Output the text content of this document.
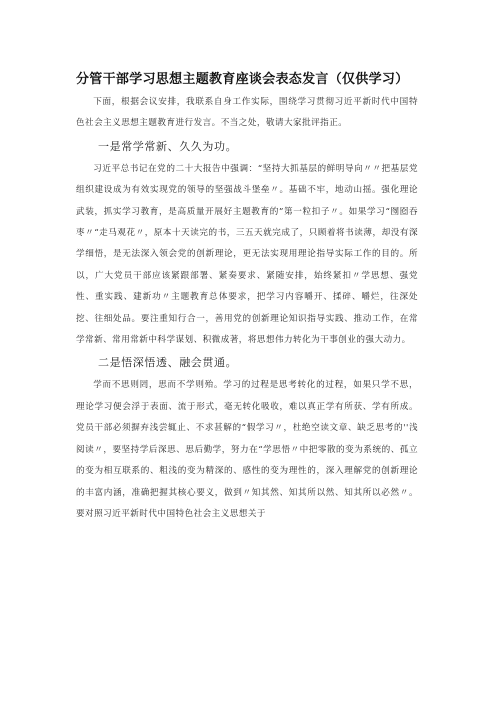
分管干部学习思想主题教育座谈会表态发言（仅供学习）

下面，根据会议安排，我联系自身工作实际，围绕学习贯彻习近平新时代中国特色社会主义思想主题教育进行发言。不当之处，敬请大家批评指正。

一是常学常新、久久为功。

习近平总书记在党的二十大报告中强调：“坚持大抓基层的鲜明导向〃〃把基层党组织建设成为有效实现党的领导的坚强战斗堡垒〃。基础不牢，地动山摇。强化理论武装，抓实学习教育，是高质量开展好主题教育的”第一粒扣子〃。如果学习“囫囵吞枣〃“走马观花〃，原本十天读完的书，三五天就完成了，只顾着将书读薄，却没有深学细悟，是无法深入领会党的创新理论，更无法实现用理论指导实际工作的目的。所以，广大党员干部应该紧跟部署、紧奏要求、紧随安排，始终紧扣〃学思想、强党性、重实践、建新功〃主题教育总体要求，把学习内容嚼开、揉碎、嚼烂，往深处挖、往细处品。要注重知行合一，善用党的创新理论知识指导实践、推动工作，在常学常新、常用常新中科学谋划、积微成著，将思想伟力转化为干事创业的强大动力。

二是悟深悟透、融会贯通。

学而不思则罔，思而不学则殆。学习的过程是思考转化的过程，如果只学不思，理论学习便会浮于表面、流于形式，毫无转化吸收，难以真正学有所获、学有所成。党员干部必须摒弃浅尝辄止、不求甚解的“假学习〃，杜绝空读文章、缺乏思考的''浅阅读〃，要坚持学后深思、思后勤学，努力在“学思悟〃中把零散的变为系统的、孤立的变为相互联系的、粗浅的变为精深的、感性的变为理性的，深入理解党的创新理论的丰富内涵，准确把握其核心要义，做到〃知其然、知其所以然、知其所以必然〃。要对照习近平新时代中国特色社会主义思想关于
